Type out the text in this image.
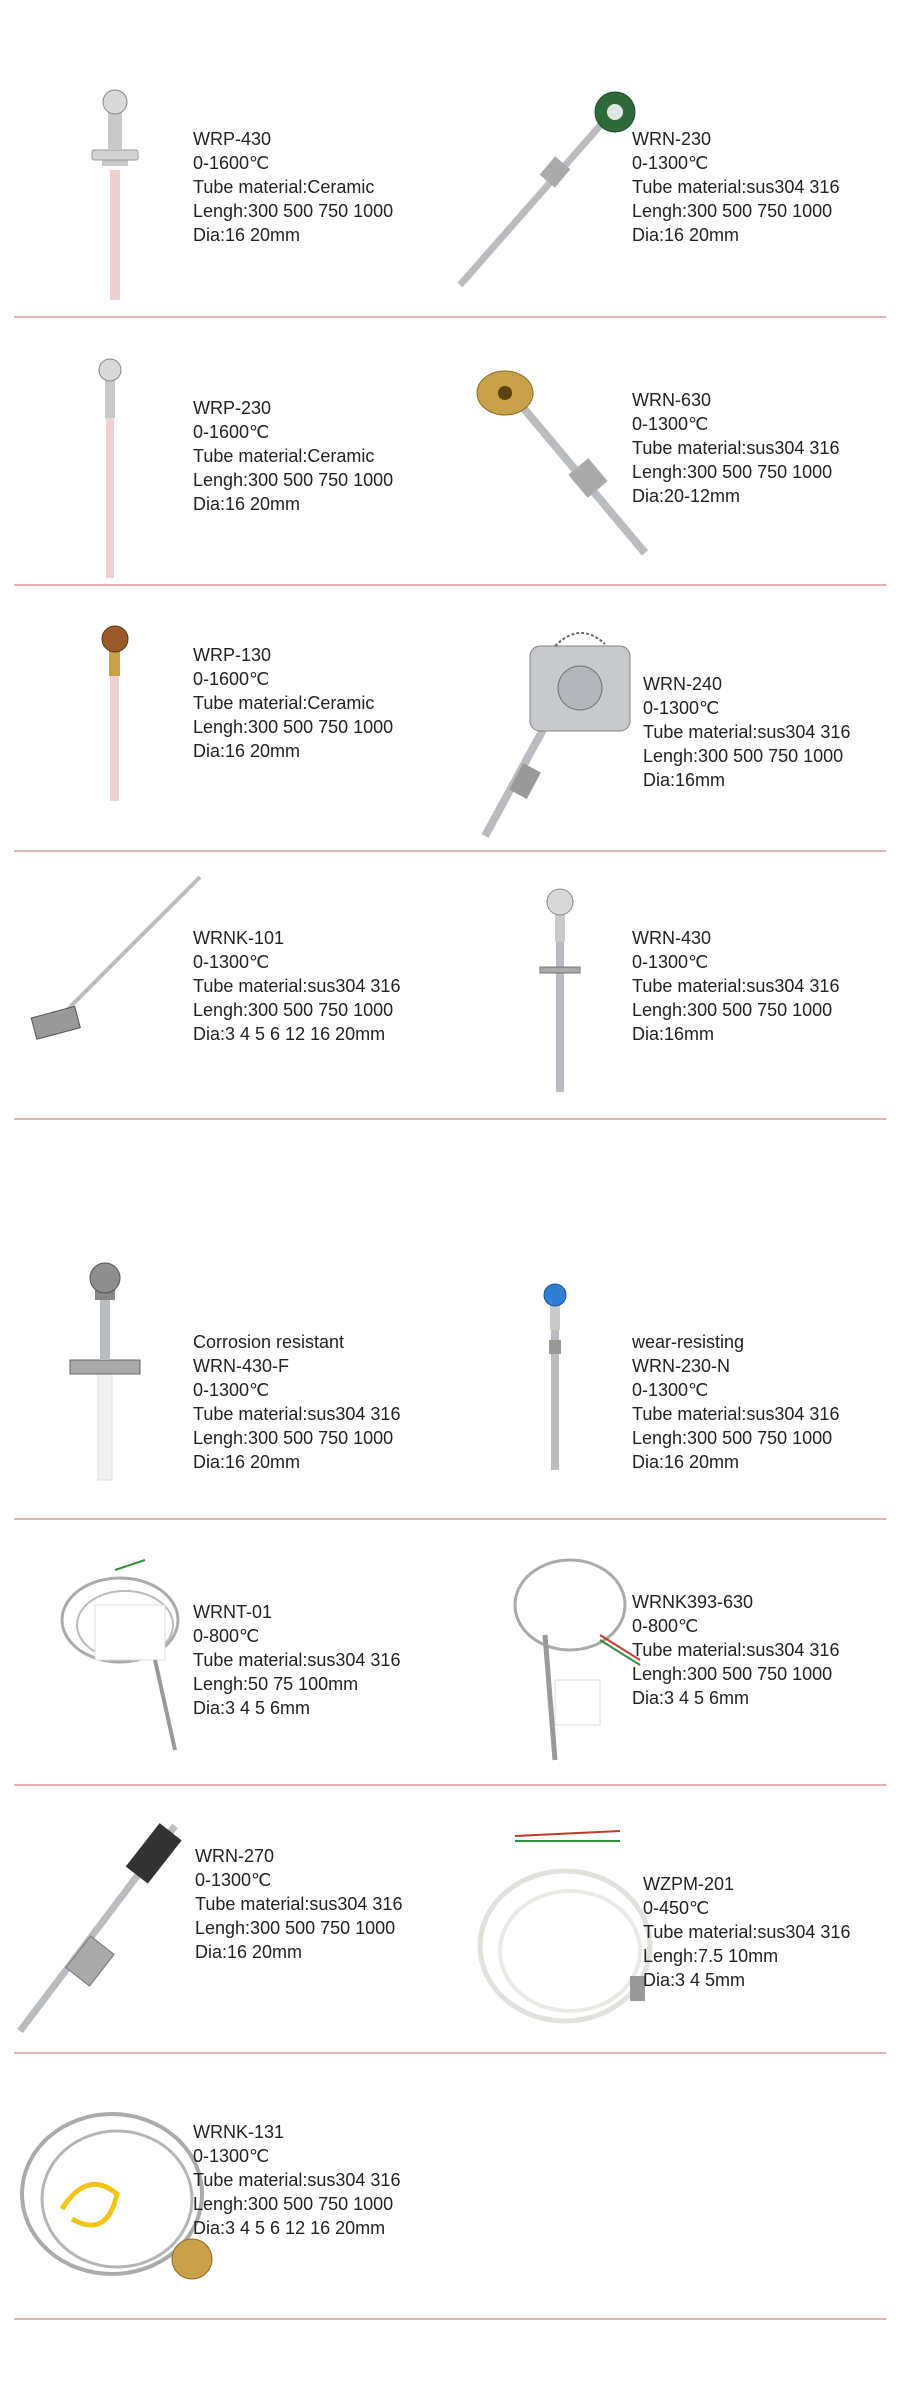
WRP-430
0-1600℃
Tube material:Ceramic
Lengh:300 500 750 1000
Dia:16 20mm
WRN-230
0-1300℃
Tube material:sus304 316
Lengh:300 500 750 1000
Dia:16 20mm
WRP-230
0-1600℃
Tube material:Ceramic
Lengh:300 500 750 1000
Dia:16 20mm
WRN-630
0-1300℃
Tube material:sus304 316
Lengh:300 500 750 1000
Dia:20-12mm
WRP-130
0-1600℃
Tube material:Ceramic
Lengh:300 500 750 1000
Dia:16 20mm
WRN-240
0-1300℃
Tube material:sus304 316
Lengh:300 500 750 1000
Dia:16mm
WRNK-101
0-1300℃
Tube material:sus304 316
Lengh:300 500 750 1000
Dia:3 4 5 6 12 16 20mm
WRN-430
0-1300℃
Tube material:sus304 316
Lengh:300 500 750 1000
Dia:16mm
Corrosion resistant
WRN-430-F
0-1300℃
Tube material:sus304 316
Lengh:300 500 750 1000
Dia:16 20mm
wear-resisting
WRN-230-N
0-1300℃
Tube material:sus304 316
Lengh:300 500 750 1000
Dia:16 20mm
WRNT-01
0-800℃
Tube material:sus304 316
Lengh:50 75 100mm
Dia:3 4 5 6mm
WRNK393-630
0-800℃
Tube material:sus304 316
Lengh:300 500 750 1000
Dia:3 4 5 6mm
WRN-270
0-1300℃
Tube material:sus304 316
Lengh:300 500 750 1000
Dia:16 20mm
WZPM-201
0-450℃
Tube material:sus304 316
Lengh:7.5 10mm
Dia:3 4 5mm
WRNK-131
0-1300℃
Tube material:sus304 316
Lengh:300 500 750 1000
Dia:3 4 5 6 12 16 20mm
